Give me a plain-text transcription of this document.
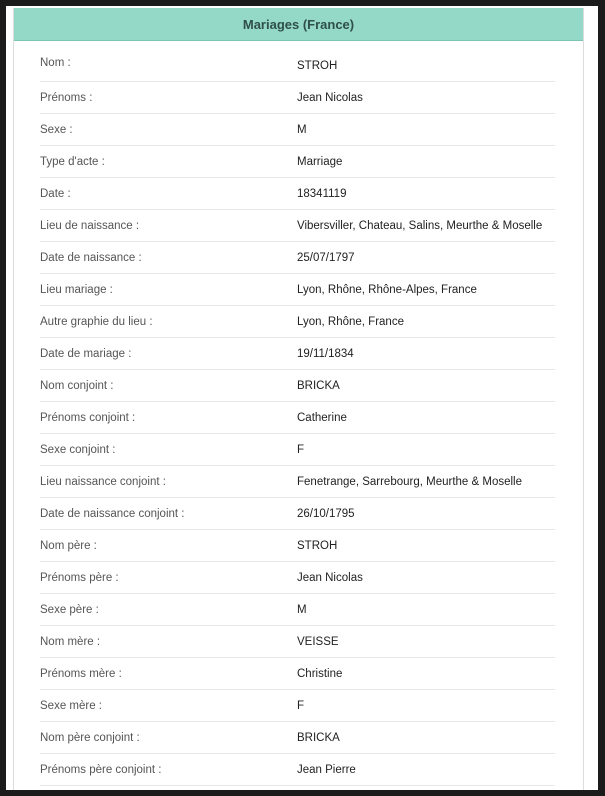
Mariages (France)
Nom :	STROH
Prénoms :	Jean Nicolas
Sexe :	M
Type d'acte :	Marriage
Date :	18341119
Lieu de naissance :	Vibersviller, Chateau, Salins, Meurthe & Moselle
Date de naissance :	25/07/1797
Lieu mariage :	Lyon, Rhône, Rhône-Alpes, France
Autre graphie du lieu :	Lyon, Rhône, France
Date de mariage :	19/11/1834
Nom conjoint :	BRICKA
Prénoms conjoint :	Catherine
Sexe conjoint :	F
Lieu naissance conjoint :	Fenetrange, Sarrebourg, Meurthe & Moselle
Date de naissance conjoint :	26/10/1795
Nom père :	STROH
Prénoms père :	Jean Nicolas
Sexe père :	M
Nom mère :	VEISSE
Prénoms mère :	Christine
Sexe mère :	F
Nom père conjoint :	BRICKA
Prénoms père conjoint :	Jean Pierre
